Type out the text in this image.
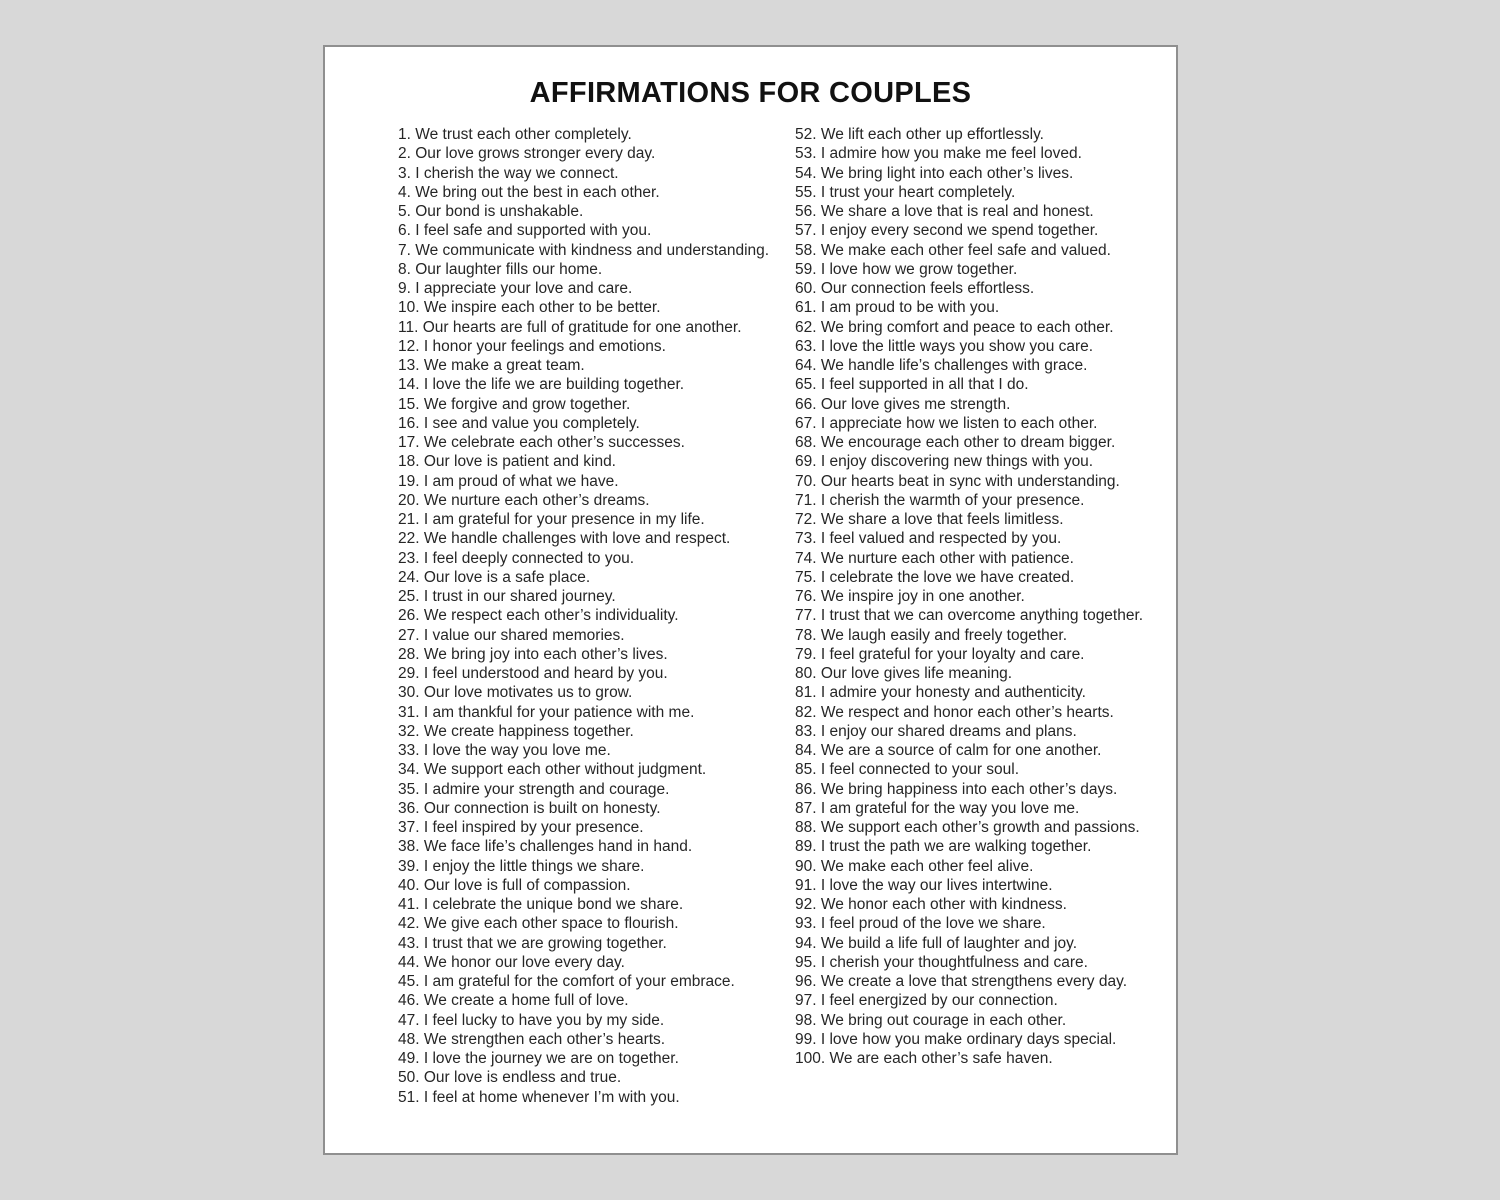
AFFIRMATIONS FOR COUPLES
1. We trust each other completely.
2. Our love grows stronger every day.
3. I cherish the way we connect.
4. We bring out the best in each other.
5. Our bond is unshakable.
6. I feel safe and supported with you.
7. We communicate with kindness and understanding.
8. Our laughter fills our home.
9. I appreciate your love and care.
10. We inspire each other to be better.
11. Our hearts are full of gratitude for one another.
12. I honor your feelings and emotions.
13. We make a great team.
14. I love the life we are building together.
15. We forgive and grow together.
16. I see and value you completely.
17. We celebrate each other’s successes.
18. Our love is patient and kind.
19. I am proud of what we have.
20. We nurture each other’s dreams.
21. I am grateful for your presence in my life.
22. We handle challenges with love and respect.
23. I feel deeply connected to you.
24. Our love is a safe place.
25. I trust in our shared journey.
26. We respect each other’s individuality.
27. I value our shared memories.
28. We bring joy into each other’s lives.
29. I feel understood and heard by you.
30. Our love motivates us to grow.
31. I am thankful for your patience with me.
32. We create happiness together.
33. I love the way you love me.
34. We support each other without judgment.
35. I admire your strength and courage.
36. Our connection is built on honesty.
37. I feel inspired by your presence.
38. We face life’s challenges hand in hand.
39. I enjoy the little things we share.
40. Our love is full of compassion.
41. I celebrate the unique bond we share.
42. We give each other space to flourish.
43. I trust that we are growing together.
44. We honor our love every day.
45. I am grateful for the comfort of your embrace.
46. We create a home full of love.
47. I feel lucky to have you by my side.
48. We strengthen each other’s hearts.
49. I love the journey we are on together.
50. Our love is endless and true.
51. I feel at home whenever I’m with you.
52. We lift each other up effortlessly.
53. I admire how you make me feel loved.
54. We bring light into each other’s lives.
55. I trust your heart completely.
56. We share a love that is real and honest.
57. I enjoy every second we spend together.
58. We make each other feel safe and valued.
59. I love how we grow together.
60. Our connection feels effortless.
61. I am proud to be with you.
62. We bring comfort and peace to each other.
63. I love the little ways you show you care.
64. We handle life’s challenges with grace.
65. I feel supported in all that I do.
66. Our love gives me strength.
67. I appreciate how we listen to each other.
68. We encourage each other to dream bigger.
69. I enjoy discovering new things with you.
70. Our hearts beat in sync with understanding.
71. I cherish the warmth of your presence.
72. We share a love that feels limitless.
73. I feel valued and respected by you.
74. We nurture each other with patience.
75. I celebrate the love we have created.
76. We inspire joy in one another.
77. I trust that we can overcome anything together.
78. We laugh easily and freely together.
79. I feel grateful for your loyalty and care.
80. Our love gives life meaning.
81. I admire your honesty and authenticity.
82. We respect and honor each other’s hearts.
83. I enjoy our shared dreams and plans.
84. We are a source of calm for one another.
85. I feel connected to your soul.
86. We bring happiness into each other’s days.
87. I am grateful for the way you love me.
88. We support each other’s growth and passions.
89. I trust the path we are walking together.
90. We make each other feel alive.
91. I love the way our lives intertwine.
92. We honor each other with kindness.
93. I feel proud of the love we share.
94. We build a life full of laughter and joy.
95. I cherish your thoughtfulness and care.
96. We create a love that strengthens every day.
97. I feel energized by our connection.
98. We bring out courage in each other.
99. I love how you make ordinary days special.
100. We are each other’s safe haven.
